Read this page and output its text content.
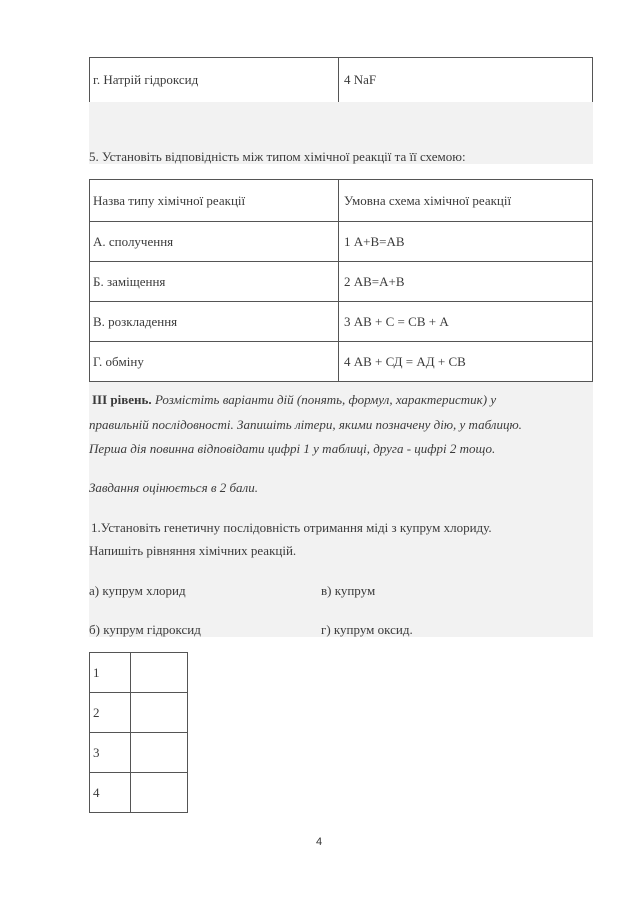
г. Натрій гідроксид	4 NaF
5. Установіть відповідність між типом хімічної реакції та її схемою:
Назва типу хімічної реакції	Умовна схема хімічної реакції
А. сполучення	1 А+В=АВ
Б. заміщення	2 АВ=А+В
В. розкладення	3 АВ + С = СВ + А
Г. обміну	4 АВ + СД = АД + СВ
ІІІ рівень. Розмістіть варіанти дій (понять, формул, характеристик) у
правильній послідовності. Запишіть літери, якими позначену дію, у таблицю.
Перша дія повинна відповідати цифрі 1 у таблиці, друга - цифрі 2 тощо.
Завдання оцінюється в 2 бали.
1.Установіть генетичну послідовність отримання міді з купрум хлориду.
Напишіть рівняння хімічних реакцій.
а) купрум хлорид	в) купрум
б) купрум гідроксид	г) купрум оксид.
1	
2	
3	
4	
4
